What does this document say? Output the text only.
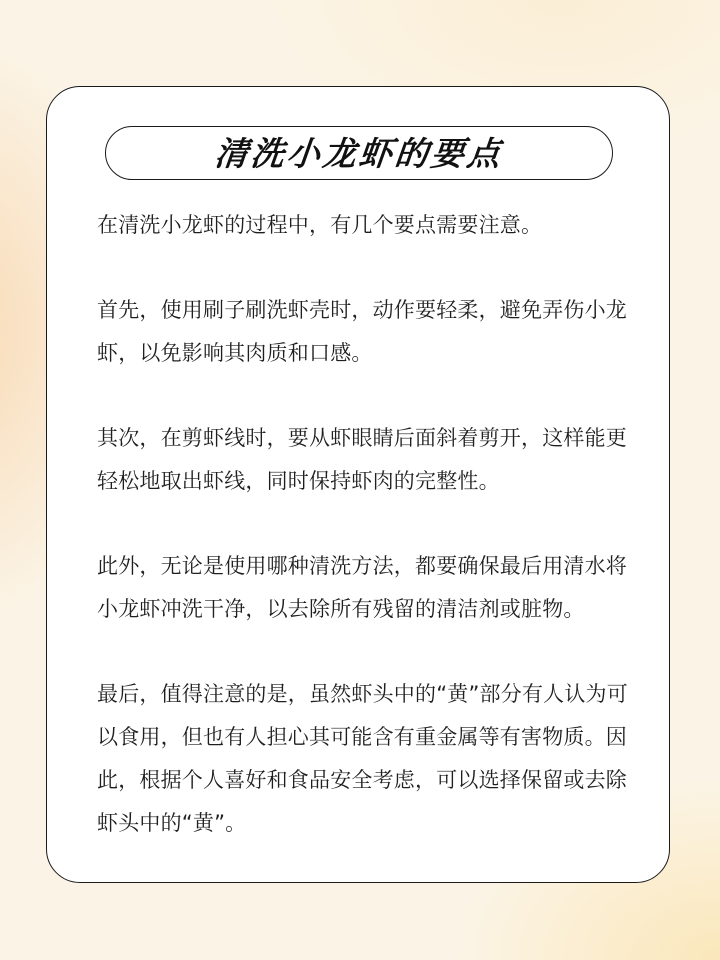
清洗小龙虾的要点

在清洗小龙虾的过程中，有几个要点需要注意。

首先，使用刷子刷洗虾壳时，动作要轻柔，避免弄伤小龙虾，以免影响其肉质和口感。

其次，在剪虾线时，要从虾眼睛后面斜着剪开，这样能更轻松地取出虾线，同时保持虾肉的完整性。

此外，无论是使用哪种清洗方法，都要确保最后用清水将小龙虾冲洗干净，以去除所有残留的清洁剂或脏物。

最后，值得注意的是，虽然虾头中的“黄”部分有人认为可以食用，但也有人担心其可能含有重金属等有害物质。因此，根据个人喜好和食品安全考虑，可以选择保留或去除虾头中的“黄”。
